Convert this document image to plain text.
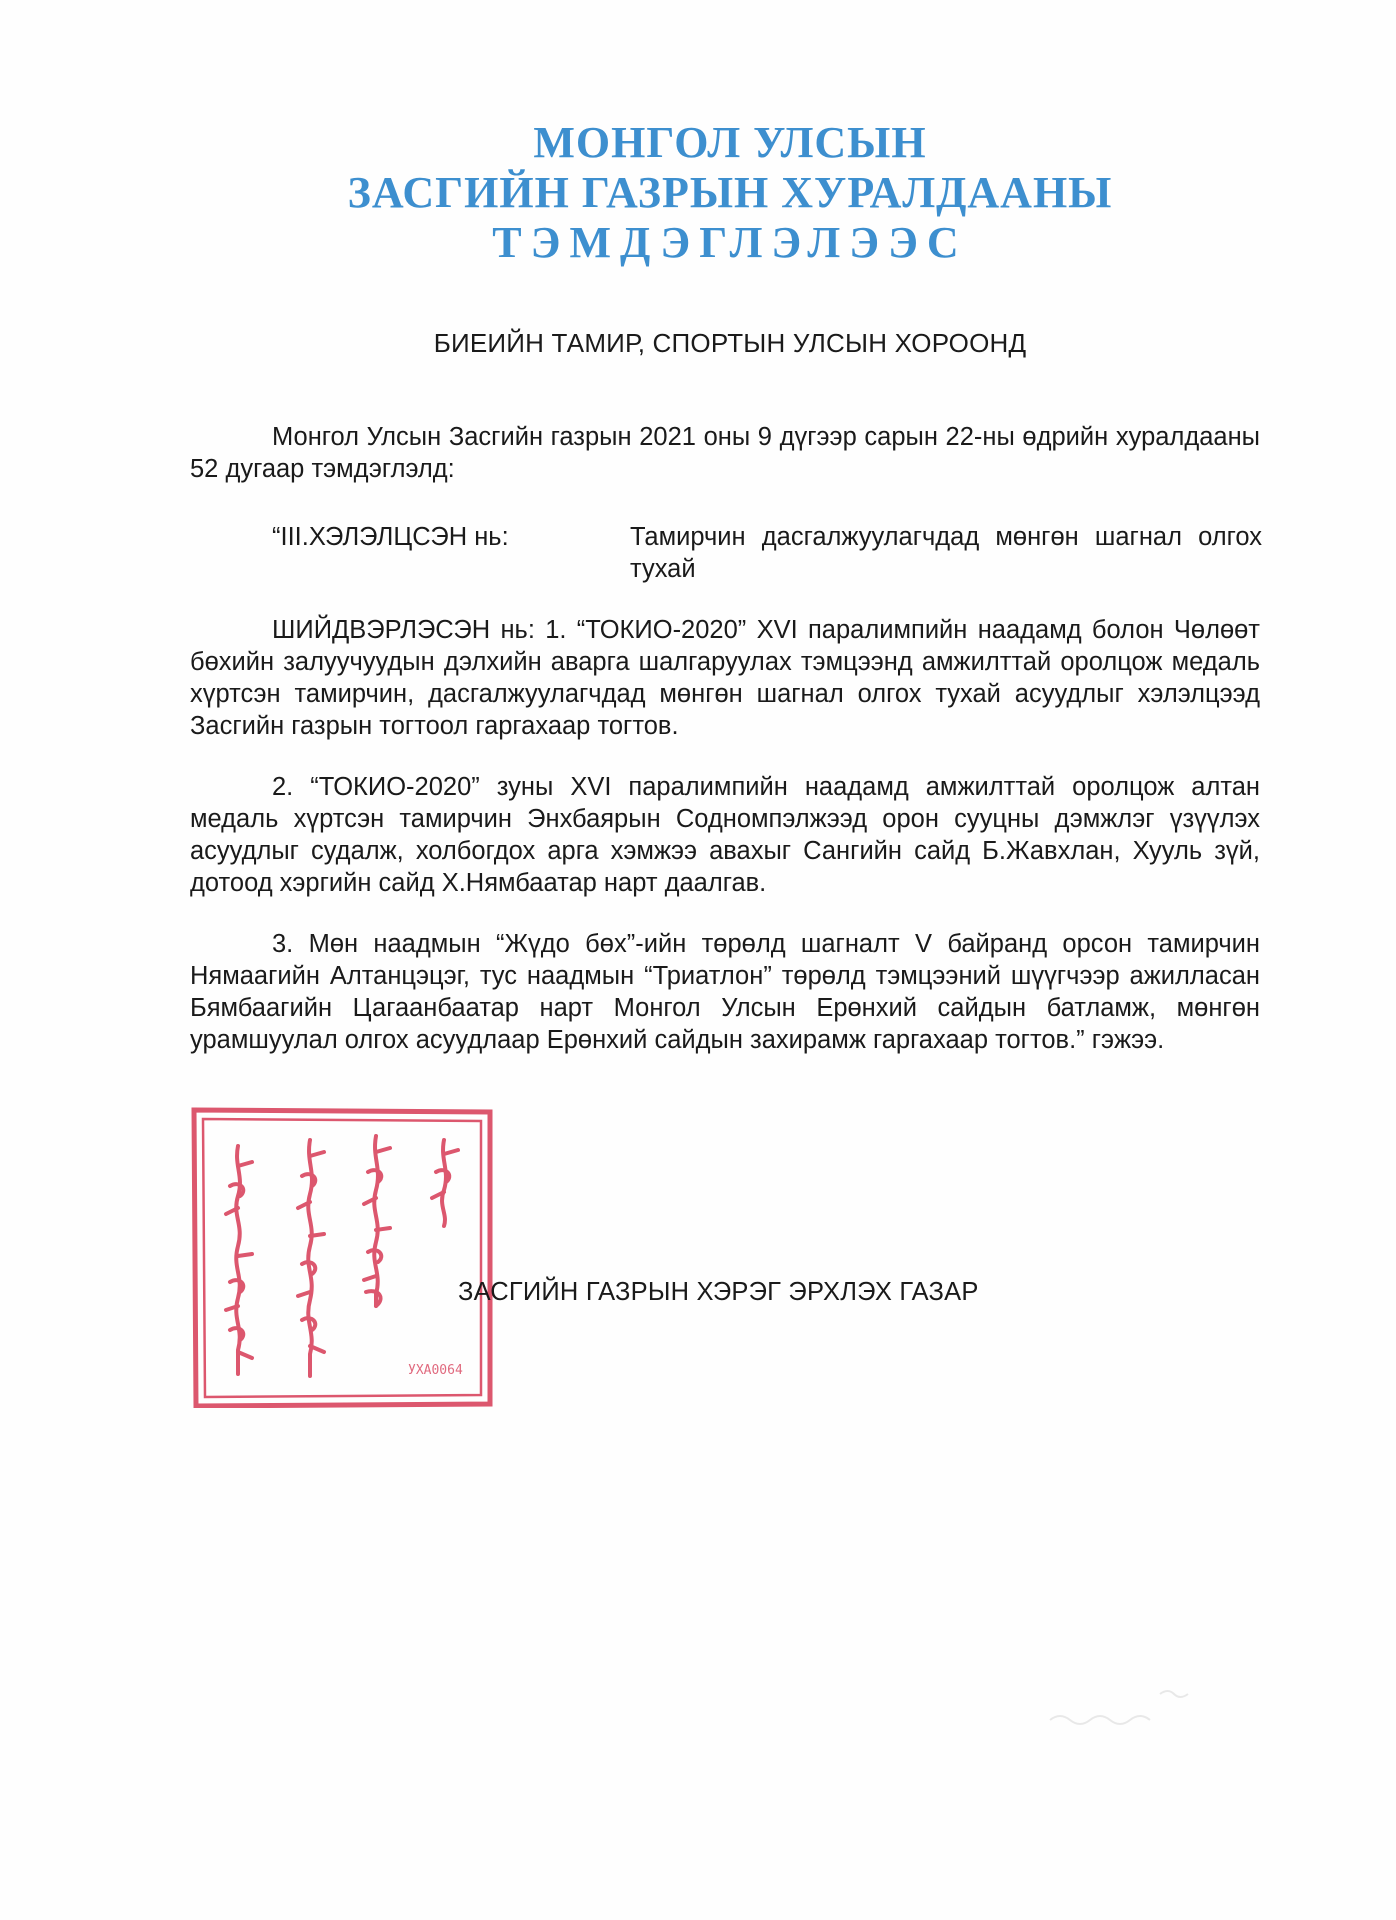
МОНГОЛ УЛСЫН
ЗАСГИЙН ГАЗРЫН ХУРАЛДААНЫ
ТЭМДЭГЛЭЛЭЭС
БИЕИЙН ТАМИР, СПОРТЫН УЛСЫН ХОРООНД

Монгол Улсын Засгийн газрын 2021 оны 9 дүгээр сарын 22-ны өдрийн хуралдааны 52 дугаар тэмдэглэлд:

“III.ХЭЛЭЛЦСЭН нь:	Тамирчин дасгалжуулагчдад мөнгөн шагнал олгох тухай

ШИЙДВЭРЛЭСЭН нь: 1. “ТОКИО-2020” XVI паралимпийн наадамд болон Чөлөөт бөхийн залуучуудын дэлхийн аварга шалгаруулах тэмцээнд амжилттай оролцож медаль хүртсэн тамирчин, дасгалжуулагчдад мөнгөн шагнал олгох тухай асуудлыг хэлэлцээд Засгийн газрын тогтоол гаргахаар тогтов.

2. “ТОКИО-2020” зуны XVI паралимпийн наадамд амжилттай оролцож алтан медаль хүртсэн тамирчин Энхбаярын Содномпэлжээд орон сууцны дэмжлэг үзүүлэх асуудлыг судалж, холбогдох арга хэмжээ авахыг Сангийн сайд Б.Жавхлан, Хууль зүй, дотоод хэргийн сайд Х.Нямбаатар нарт даалгав.

3. Мөн наадмын “Жүдо бөх”-ийн төрөлд шагналт V байранд орсон тамирчин Нямаагийн Алтанцэцэг, тус наадмын “Триатлон” төрөлд тэмцээний шүүгчээр ажилласан Бямбаагийн Цагаанбаатар нарт Монгол Улсын Ерөнхий сайдын батламж, мөнгөн урамшуулал олгох асуудлаар Ерөнхий сайдын захирамж гаргахаар тогтов.” гэжээ.

УХА0064
ЗАСГИЙН ГАЗРЫН ХЭРЭГ ЭРХЛЭХ ГАЗАР
